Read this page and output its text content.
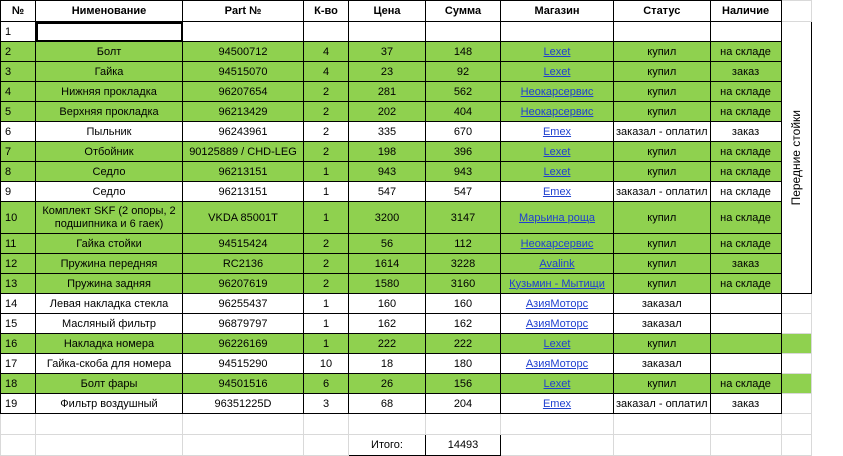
№	Нименование	Part №	К-во	Цена	Сумма	Магазин	Статус	Наличие	
1									Передние стойки

2	Болт	94500712	4	37	148	Lexet	купил	на складе	
3	Гайка	94515070	4	23	92	Lexet	купил	заказ	
4	Нижняя прокладка	96207654	2	281	562	Неокарсервис	купил	на складе	
5	Верхняя прокладка	96213429	2	202	404	Неокарсервис	купил	на складе	
6	Пыльник	96243961	2	335	670	Emex	заказал - оплатил	заказ	
7	Отбойник	90125889 / CHD-LEG	2	198	396	Lexet	купил	на складе	
8	Седло	96213151	1	943	943	Lexet	купил	на складе	
9	Седло	96213151	1	547	547	Emex	заказал - оплатил	на складе	
10	Комплект SKF (2 опоры, 2 подшипника и 6 гаек)	VKDA 85001T	1	3200	3147	Марьина роща	купил	на складе	
11	Гайка стойки	94515424	2	56	112	Неокарсервис	купил	на складе	
12	Пружина передняя	RC2136	2	1614	3228	Avalink	купил	заказ	
13	Пружина задняя	96207619	2	1580	3160	Кузьмин - Мытищи	купил	на складе	
14	Левая накладка стекла	96255437	1	160	160	АзияМоторс	заказал		
15	Масляный фильтр	96879797	1	162	162	АзияМоторс	заказал		
16	Накладка номера	96226169	1	222	222	Lexet	купил		
17	Гайка-скоба для номера	94515290	10	18	180	АзияМоторс	заказал		
18	Болт фары	94501516	6	26	156	Lexet	купил	на складе	
19	Фильтр воздушный	96351225D	3	68	204	Emex	заказал - оплатил	заказ	

				Итого:	14493				
